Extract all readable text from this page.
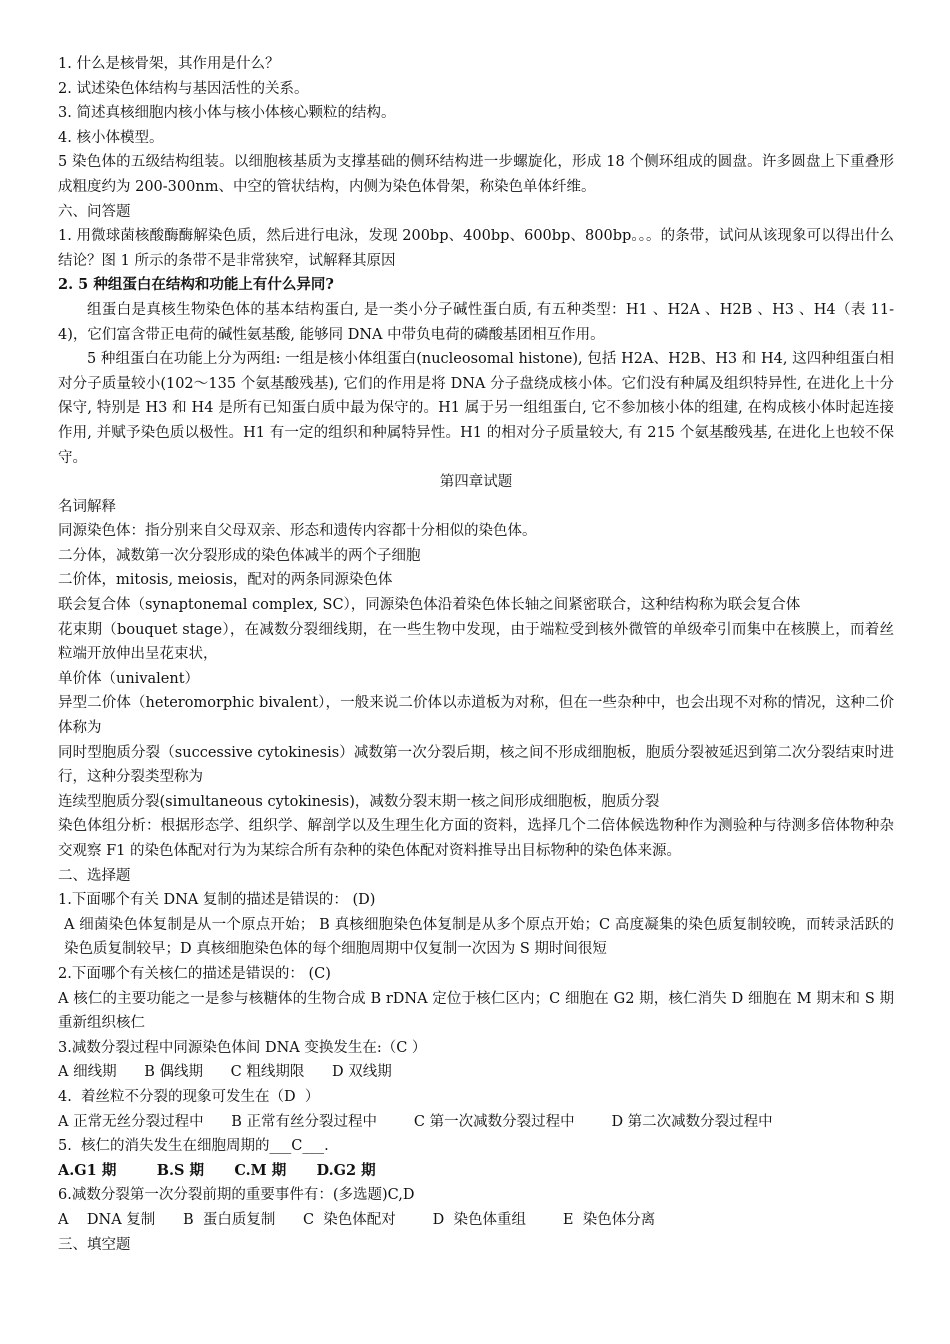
1. 什么是核骨架，其作用是什么？

2. 试述染色体结构与基因活性的关系。

3. 简述真核细胞内核小体与核小体核心颗粒的结构。

4. 核小体模型。

5 染色体的五级结构组装。以细胞核基质为支撑基础的侧环结构进一步螺旋化，形成 18 个侧环组成的圆盘。许多圆盘上下重叠形成粗度约为 200-300nm、中空的管状结构，内侧为染色体骨架，称染色单体纤维。

六、问答题

1. 用微球菌核酸酶酶解染色质，然后进行电泳，发现 200bp、400bp、600bp、800bp。。。的条带，试问从该现象可以得出什么结论？图 1 所示的条带不是非常狭窄，试解释其原因

2. 5 种组蛋白在结构和功能上有什么异同?

组蛋白是真核生物染色体的基本结构蛋白, 是一类小分子碱性蛋白质, 有五种类型：H1 、H2A 、H2B 、H3 、H4（表 11-4)，它们富含带正电荷的碱性氨基酸, 能够同 DNA 中带负电荷的磷酸基团相互作用。

5 种组蛋白在功能上分为两组: 一组是核小体组蛋白(nucleosomal histone), 包括 H2A、H2B、H3 和 H4, 这四种组蛋白相对分子质量较小(102～135 个氨基酸残基), 它们的作用是将 DNA 分子盘绕成核小体。它们没有种属及组织特异性, 在进化上十分保守, 特别是 H3 和 H4 是所有已知蛋白质中最为保守的。H1 属于另一组组蛋白, 它不参加核小体的组建, 在构成核小体时起连接作用, 并赋予染色质以极性。H1 有一定的组织和种属特异性。H1 的相对分子质量较大, 有 215 个氨基酸残基, 在进化上也较不保守。

第四章试题

名词解释

同源染色体：指分别来自父母双亲、形态和遗传内容都十分相似的染色体。

二分体，减数第一次分裂形成的染色体减半的两个子细胞

二价体，mitosis, meiosis，配对的两条同源染色体

联会复合体（synaptonemal complex, SC），同源染色体沿着染色体长轴之间紧密联合，这种结构称为联会复合体

花束期（bouquet stage），在减数分裂细线期，在一些生物中发现，由于端粒受到核外微管的单级牵引而集中在核膜上，而着丝粒端开放伸出呈花束状，

单价体（univalent）

异型二价体（heteromorphic bivalent），一般来说二价体以赤道板为对称，但在一些杂种中，也会出现不对称的情况，这种二价体称为

同时型胞质分裂（successive cytokinesis）减数第一次分裂后期，核之间不形成细胞板，胞质分裂被延迟到第二次分裂结束时进行，这种分裂类型称为

连续型胞质分裂(simultaneous cytokinesis)，减数分裂末期一核之间形成细胞板，胞质分裂

染色体组分析：根据形态学、组织学、解剖学以及生理生化方面的资料，选择几个二倍体候选物种作为测验种与待测多倍体物种杂交观察 F1 的染色体配对行为为某综合所有杂种的染色体配对资料推导出目标物种的染色体来源。

二、选择题

1.下面哪个有关 DNA 复制的描述是错误的： (D)

A 细菌染色体复制是从一个原点开始； B 真核细胞染色体复制是从多个原点开始；C 高度凝集的染色质复制较晚，而转录活跃的染色质复制较早；D 真核细胞染色体的每个细胞周期中仅复制一次因为 S 期时间很短

2.下面哪个有关核仁的描述是错误的： (C)

A 核仁的主要功能之一是参与核糖体的生物合成 B rDNA 定位于核仁区内；C 细胞在 G2 期，核仁消失 D 细胞在 M 期末和 S 期重新组织核仁

3.减数分裂过程中同源染色体间 DNA 变换发生在:（C ）

A 细线期      B 偶线期      C 粗线期限      D 双线期

4.  着丝粒不分裂的现象可发生在（D  ）

A 正常无丝分裂过程中      B 正常有丝分裂过程中        C 第一次减数分裂过程中        D 第二次减数分裂过程中

5.  核仁的消失发生在细胞周期的___C___.

A.G1 期        B.S 期      C.M 期      D.G2 期

6.减数分裂第一次分裂前期的重要事件有：(多选题)C,D

A    DNA 复制      B  蛋白质复制      C  染色体配对        D  染色体重组        E  染色体分离

三、填空题
